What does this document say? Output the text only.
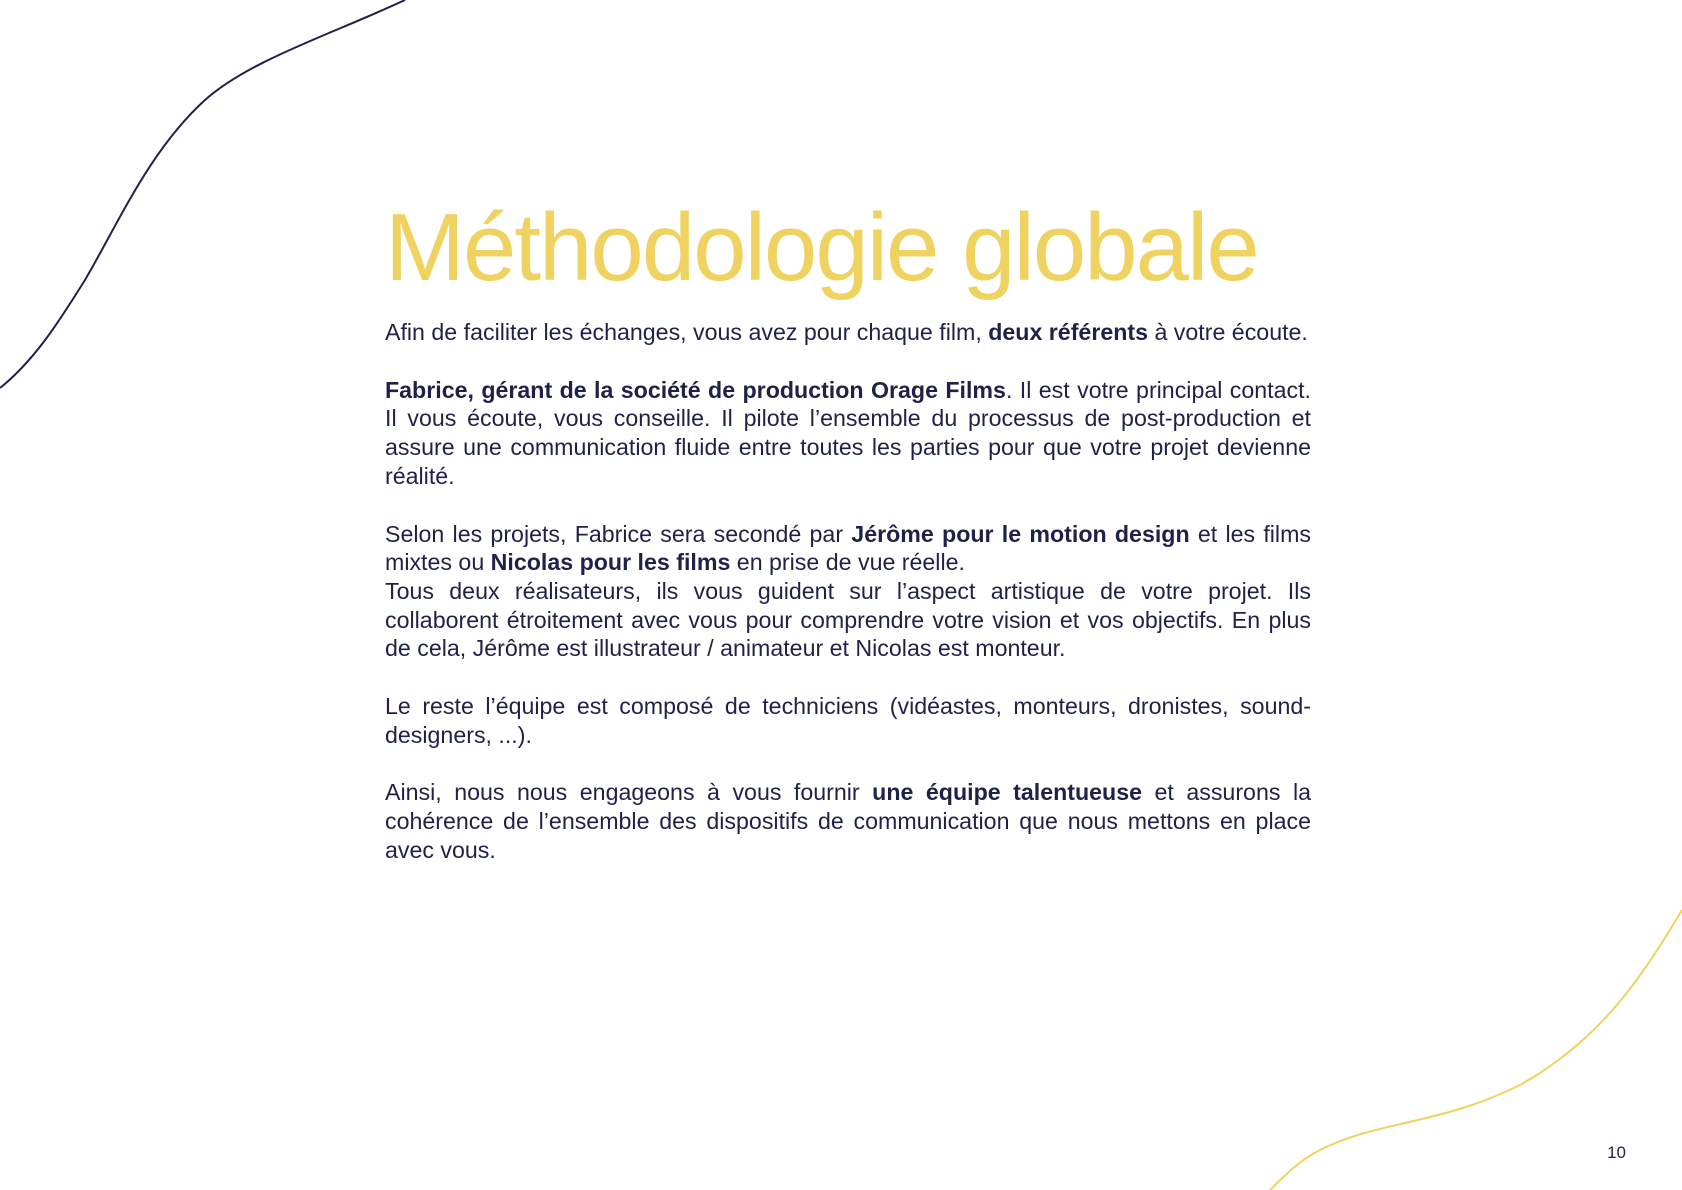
Méthodologie globale

Afin de faciliter les échanges, vous avez pour chaque film, deux référents à votre écoute.

Fabrice, gérant de la société de production Orage Films. Il est votre principal contact. Il vous écoute, vous conseille. Il pilote l’ensemble du processus de post-production et assure une communication fluide entre toutes les parties pour que votre projet devienne réalité.

Selon les projets, Fabrice sera secondé par Jérôme pour le motion design et les films mixtes ou Nicolas pour les films en prise de vue réelle.

Tous deux réalisateurs, ils vous guident sur l’aspect artistique de votre projet. Ils collaborent étroitement avec vous pour comprendre votre vision et vos objectifs. En plus de cela, Jérôme est illustrateur / animateur et Nicolas est monteur.

Le reste l’équipe est composé de techniciens (vidéastes, monteurs, dronistes, sound-designers, ...).

Ainsi, nous nous engageons à vous fournir une équipe talentueuse et assurons la cohérence de l’ensemble des dispositifs de communication que nous mettons en place avec vous.

10
